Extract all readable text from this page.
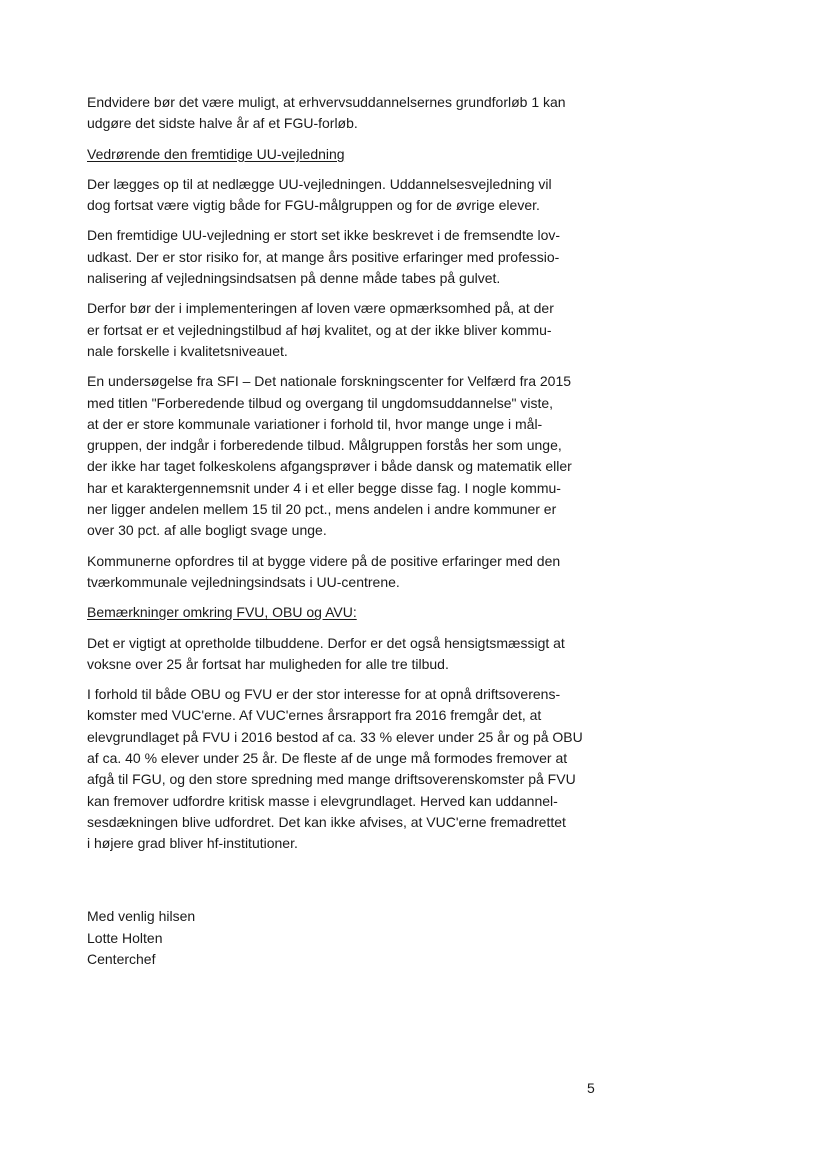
Endvidere bør det være muligt, at erhvervsuddannelsernes grundforløb 1 kan
udgøre det sidste halve år af et FGU-forløb.
Vedrørende den fremtidige UU-vejledning
Der lægges op til at nedlægge UU-vejledningen. Uddannelsesvejledning vil
dog fortsat være vigtig både for FGU-målgruppen og for de øvrige elever.
Den fremtidige UU-vejledning er stort set ikke beskrevet i de fremsendte lov-
udkast. Der er stor risiko for, at mange års positive erfaringer med professio-
nalisering af vejledningsindsatsen på denne måde tabes på gulvet.
Derfor bør der i implementeringen af loven være opmærksomhed på, at der
er fortsat er et vejledningstilbud af høj kvalitet, og at der ikke bliver kommu-
nale forskelle i kvalitetsniveauet.
En undersøgelse fra SFI – Det nationale forskningscenter for Velfærd fra 2015
med titlen "Forberedende tilbud og overgang til ungdomsuddannelse" viste,
at der er store kommunale variationer i forhold til, hvor mange unge i mål-
gruppen, der indgår i forberedende tilbud. Målgruppen forstås her som unge,
der ikke har taget folkeskolens afgangsprøver i både dansk og matematik eller
har et karaktergennemsnit under 4 i et eller begge disse fag. I nogle kommu-
ner ligger andelen mellem 15 til 20 pct., mens andelen i andre kommuner er
over 30 pct. af alle bogligt svage unge.
Kommunerne opfordres til at bygge videre på de positive erfaringer med den
tværkommunale vejledningsindsats i UU-centrene.
Bemærkninger omkring FVU, OBU og AVU:
Det er vigtigt at opretholde tilbuddene. Derfor er det også hensigtsmæssigt at
voksne over 25 år fortsat har muligheden for alle tre tilbud.
I forhold til både OBU og FVU er der stor interesse for at opnå driftsoverens-
komster med VUC'erne. Af VUC'ernes årsrapport fra 2016 fremgår det, at
elevgrundlaget på FVU i 2016 bestod af ca. 33 % elever under 25 år og på OBU
af ca. 40 % elever under 25 år. De fleste af de unge må formodes fremover at
afgå til FGU, og den store spredning med mange driftsoverenskomster på FVU
kan fremover udfordre kritisk masse i elevgrundlaget. Herved kan uddannel-
sesdækningen blive udfordret. Det kan ikke afvises, at VUC'erne fremadrettet
i højere grad bliver hf-institutioner.
Med venlig hilsen
Lotte Holten
Centerchef
5
